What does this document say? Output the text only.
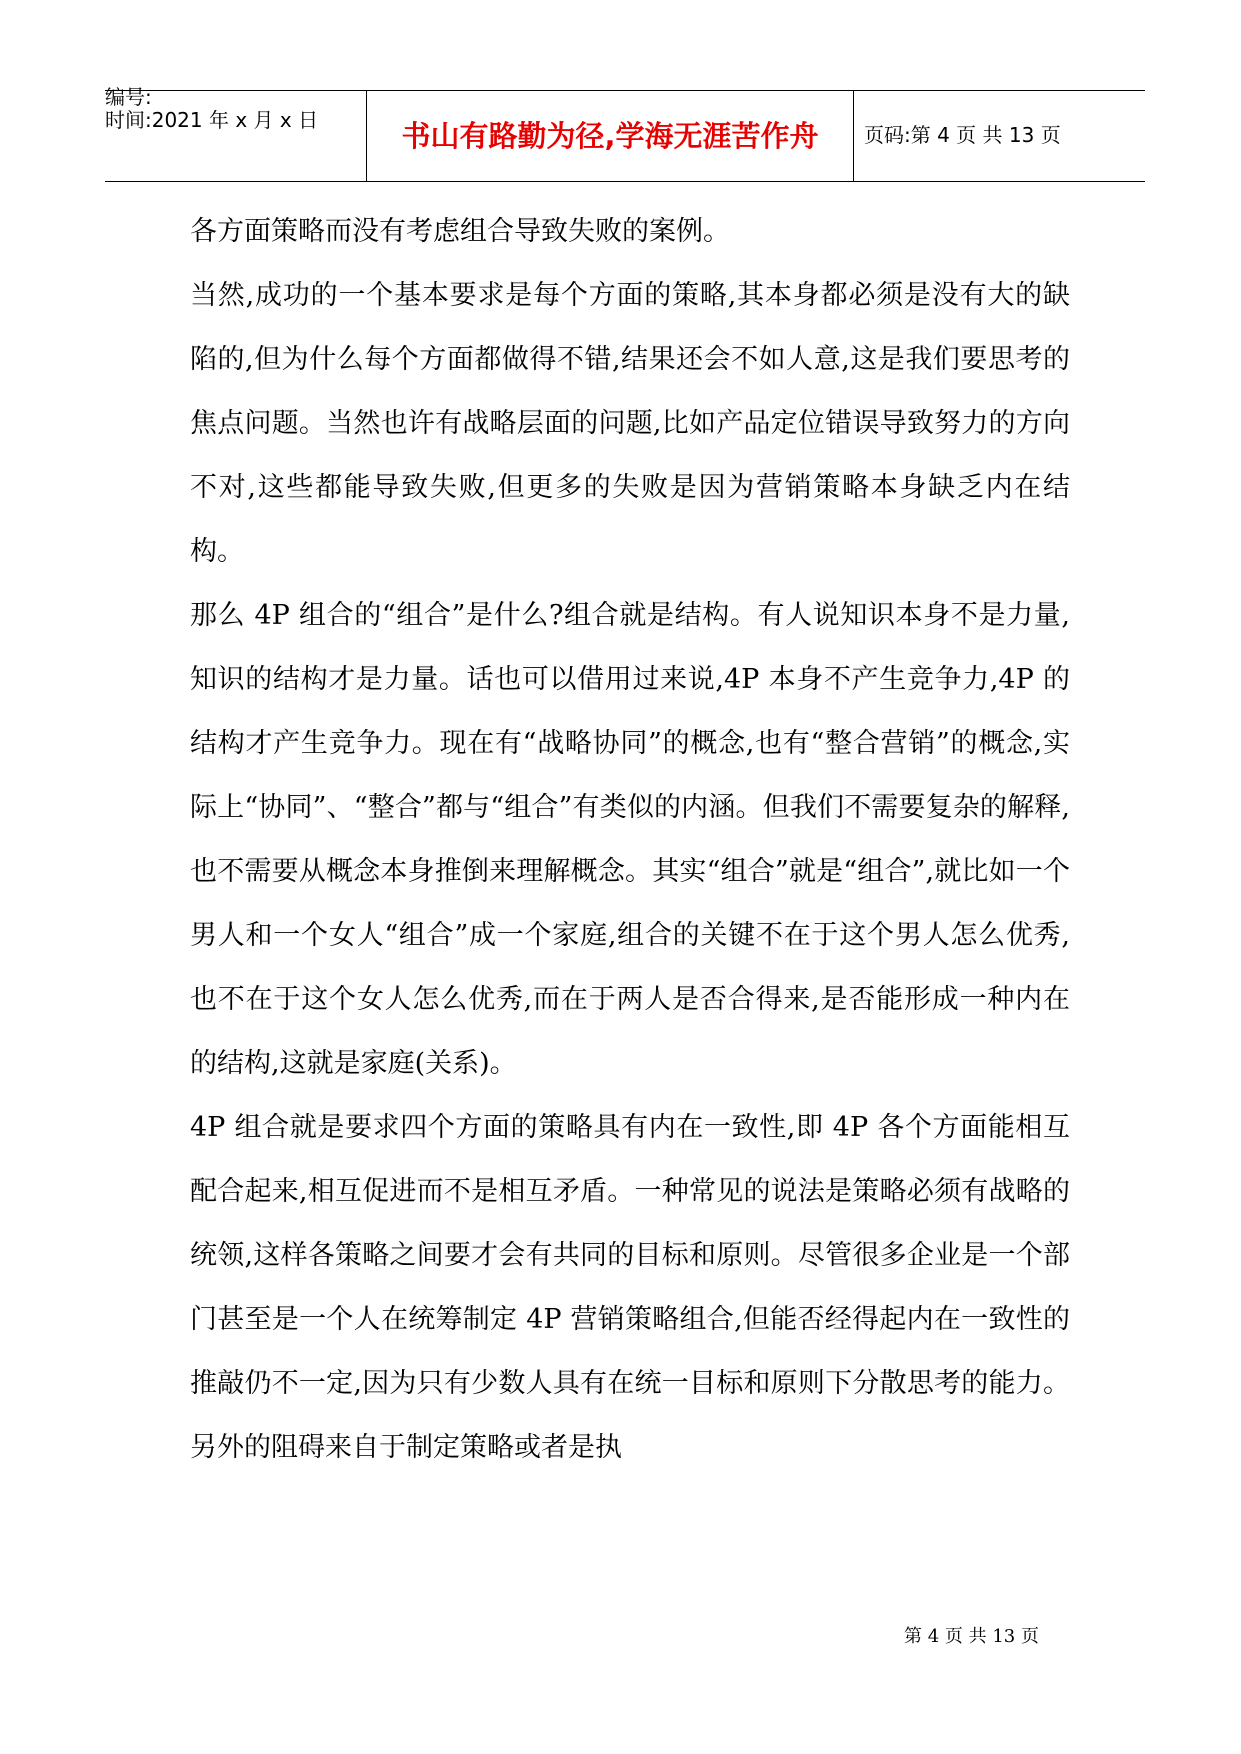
编号:
时间:2021 年 x 月 x 日	书山有路勤为径,学海无涯苦作舟	页码:第 4 页 共 13 页

各方面策略而没有考虑组合导致失败的案例。

当然,成功的一个基本要求是每个方面的策略,其本身都必须是没有大的缺陷的,但为什么每个方面都做得不错,结果还会不如人意,这是我们要思考的焦点问题。当然也许有战略层面的问题,比如产品定位错误导致努力的方向不对,这些都能导致失败,但更多的失败是因为营销策略本身缺乏内在结构。

那么 4P 组合的“组合”是什么?组合就是结构。有人说知识本身不是力量,知识的结构才是力量。话也可以借用过来说,4P 本身不产生竞争力,4P 的结构才产生竞争力。现在有“战略协同”的概念,也有“整合营销”的概念,实际上“协同”、“整合”都与“组合”有类似的内涵。但我们不需要复杂的解释,也不需要从概念本身推倒来理解概念。其实“组合”就是“组合”,就比如一个男人和一个女人“组合”成一个家庭,组合的关键不在于这个男人怎么优秀,也不在于这个女人怎么优秀,而在于两人是否合得来,是否能形成一种内在的结构,这就是家庭(关系)。

4P 组合就是要求四个方面的策略具有内在一致性,即 4P 各个方面能相互配合起来,相互促进而不是相互矛盾。一种常见的说法是策略必须有战略的统领,这样各策略之间要才会有共同的目标和原则。尽管很多企业是一个部门甚至是一个人在统筹制定 4P 营销策略组合,但能否经得起内在一致性的推敲仍不一定,因为只有少数人具有在统一目标和原则下分散思考的能力。另外的阻碍来自于制定策略或者是执

第 4 页 共 13 页
